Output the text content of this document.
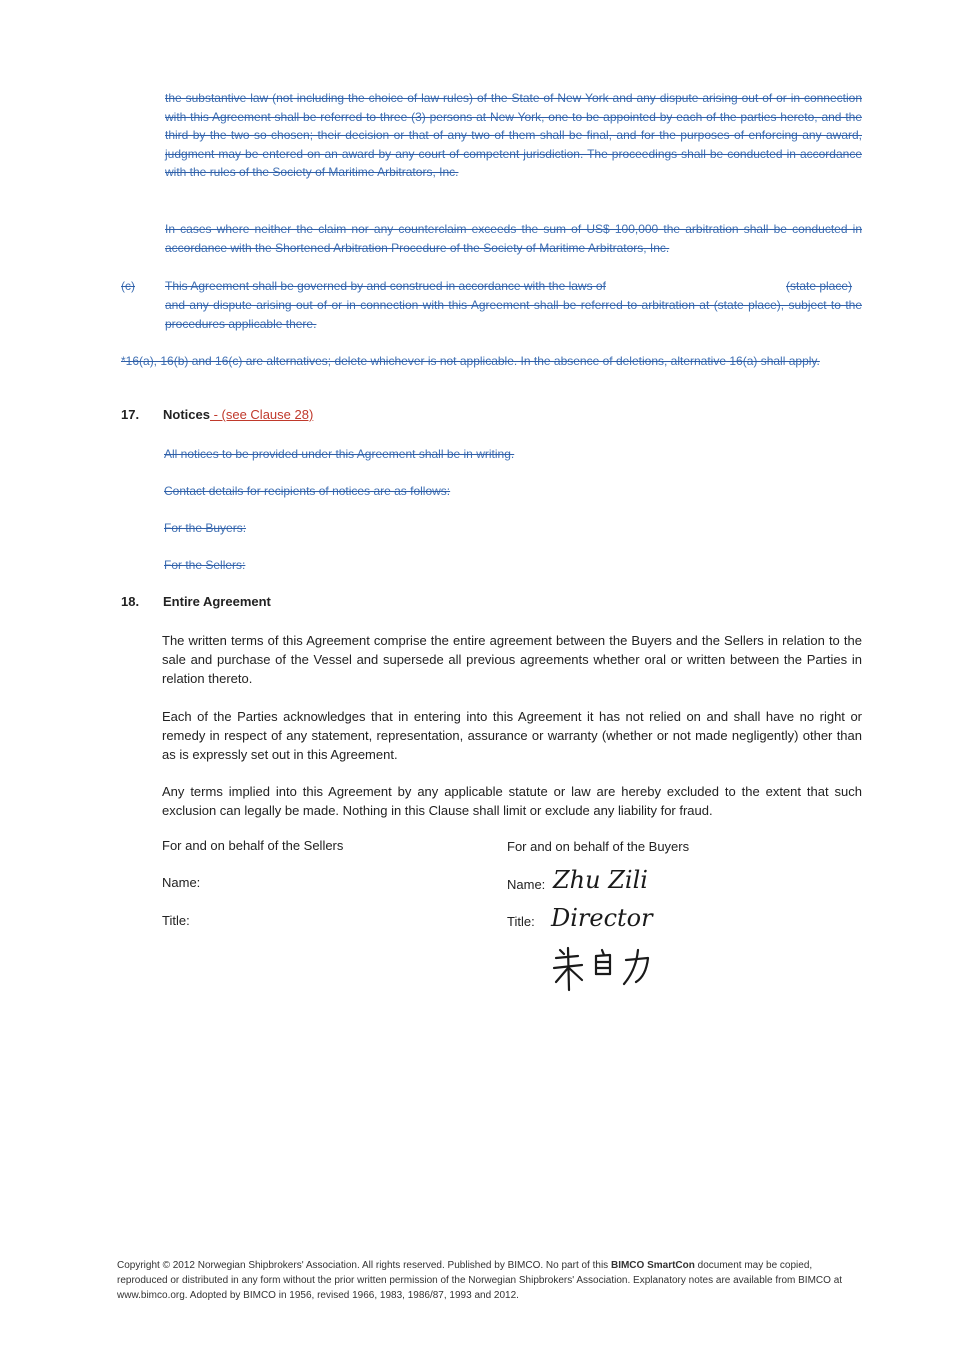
the substantive law (not including the choice of law rules) of the State of New York and any dispute arising out of or in connection with this Agreement shall be referred to three (3) persons at New York, one to be appointed by each of the parties hereto, and the third by the two so chosen; their decision or that of any two of them shall be final, and for the purposes of enforcing any award, judgment may be entered on an award by any court of competent jurisdiction. The proceedings shall be conducted in accordance with the rules of the Society of Maritime Arbitrators, Inc.
In cases where neither the claim nor any counterclaim exceeds the sum of US$ 100,000 the arbitration shall be conducted in accordance with the Shortened Arbitration Procedure of the Society of Maritime Arbitrators, Inc.
(c)	This Agreement shall be governed by and construed in accordance with the laws of	(state place)
and any dispute arising out of or in connection with this Agreement shall be referred to arbitration at (state place), subject to the procedures applicable there.
*16(a), 16(b) and 16(c) are alternatives; delete whichever is not applicable. In the absence of deletions, alternative 16(a) shall apply.
17. Notices - (see Clause 28)
All notices to be provided under this Agreement shall be in writing.
Contact details for recipients of notices are as follows:
For the Buyers:
For the Sellers:
18. Entire Agreement
The written terms of this Agreement comprise the entire agreement between the Buyers and the Sellers in relation to the sale and purchase of the Vessel and supersede all previous agreements whether oral or written between the Parties in relation thereto.
Each of the Parties acknowledges that in entering into this Agreement it has not relied on and shall have no right or remedy in respect of any statement, representation, assurance or warranty (whether or not made negligently) other than as is expressly set out in this Agreement.
Any terms implied into this Agreement by any applicable statute or law are hereby excluded to the extent that such exclusion can legally be made. Nothing in this Clause shall limit or exclude any liability for fraud.
For and on behalf of the Sellers	For and on behalf of the Buyers
Name:	Name: Zhu Zili
Title:	Title: Director
Copyright © 2012 Norwegian Shipbrokers' Association. All rights reserved. Published by BIMCO. No part of this BIMCO SmartCon document may be copied, reproduced or distributed in any form without the prior written permission of the Norwegian Shipbrokers' Association. Explanatory notes are available from BIMCO at www.bimco.org. Adopted by BIMCO in 1956, revised 1966, 1983, 1986/87, 1993 and 2012.
